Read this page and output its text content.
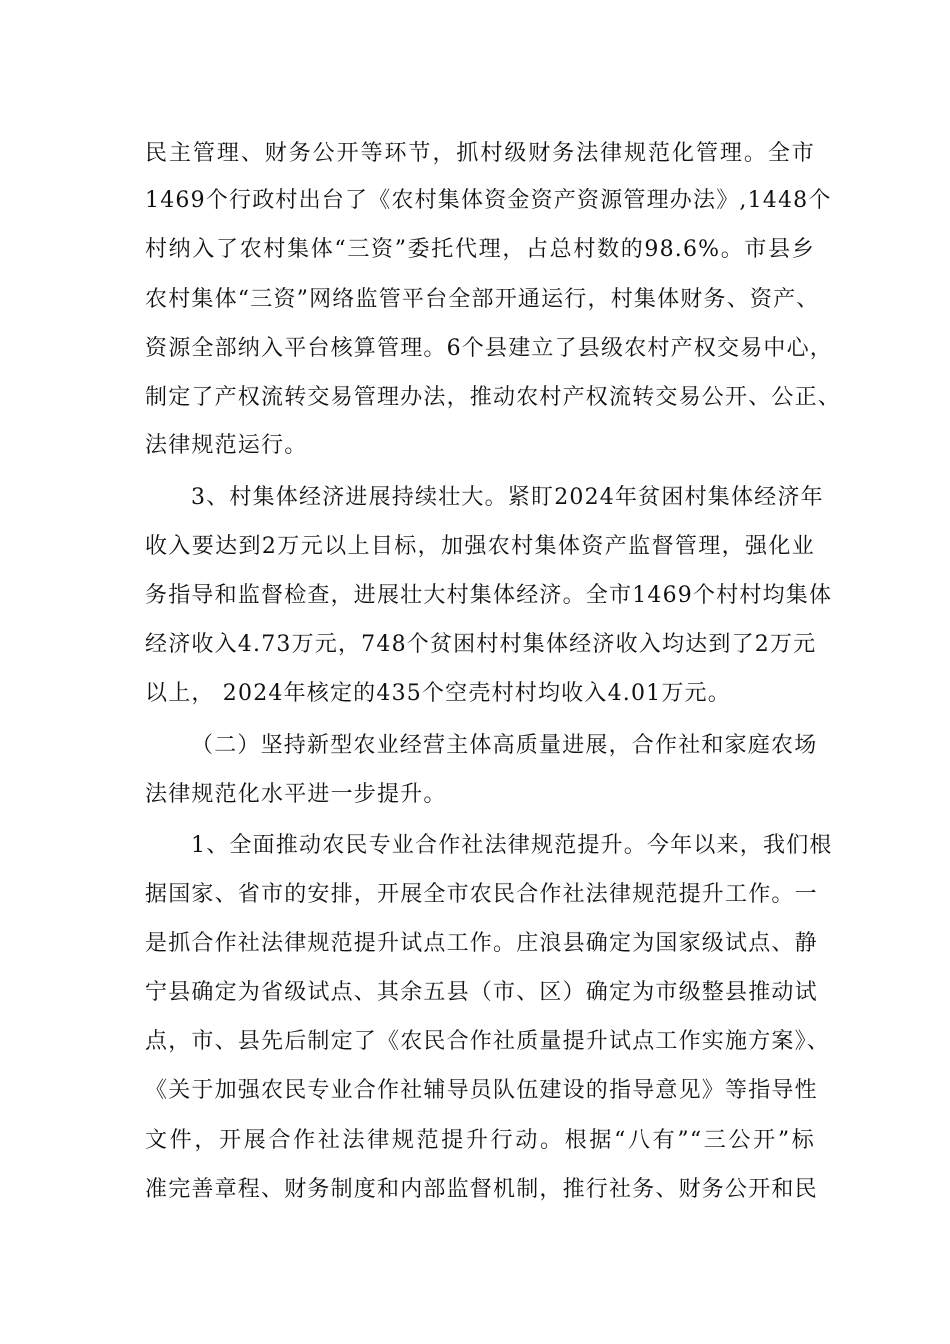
民主管理、财务公开等环节，抓村级财务法律规范化管理。全市

1469个行政村出台了《农村集体资金资产资源管理办法》,1448个

村纳入了农村集体“三资”委托代理，占总村数的98.6%。市县乡

农村集体“三资”网络监管平台全部开通运行，村集体财务、资产、

资源全部纳入平台核算管理。6个县建立了县级农村产权交易中心，

制定了产权流转交易管理办法，推动农村产权流转交易公开、公正、

法律规范运行。

3、村集体经济进展持续壮大。紧盯2024年贫困村集体经济年

收入要达到2万元以上目标，加强农村集体资产监督管理，强化业

务指导和监督检查，进展壮大村集体经济。全市1469个村村均集体

经济收入4.73万元，748个贫困村村集体经济收入均达到了2万元

以上， 2024年核定的435个空壳村村均收入4.01万元。

（二）坚持新型农业经营主体高质量进展，合作社和家庭农场

法律规范化水平进一步提升。

1、全面推动农民专业合作社法律规范提升。今年以来，我们根

据国家、省市的安排，开展全市农民合作社法律规范提升工作。一

是抓合作社法律规范提升试点工作。庄浪县确定为国家级试点、静

宁县确定为省级试点、其余五县（市、区）确定为市级整县推动试

点，市、县先后制定了《农民合作社质量提升试点工作实施方案》、

《关于加强农民专业合作社辅导员队伍建设的指导意见》等指导性

文件，开展合作社法律规范提升行动。根据“八有”“三公开”标

准完善章程、财务制度和内部监督机制，推行社务、财务公开和民
